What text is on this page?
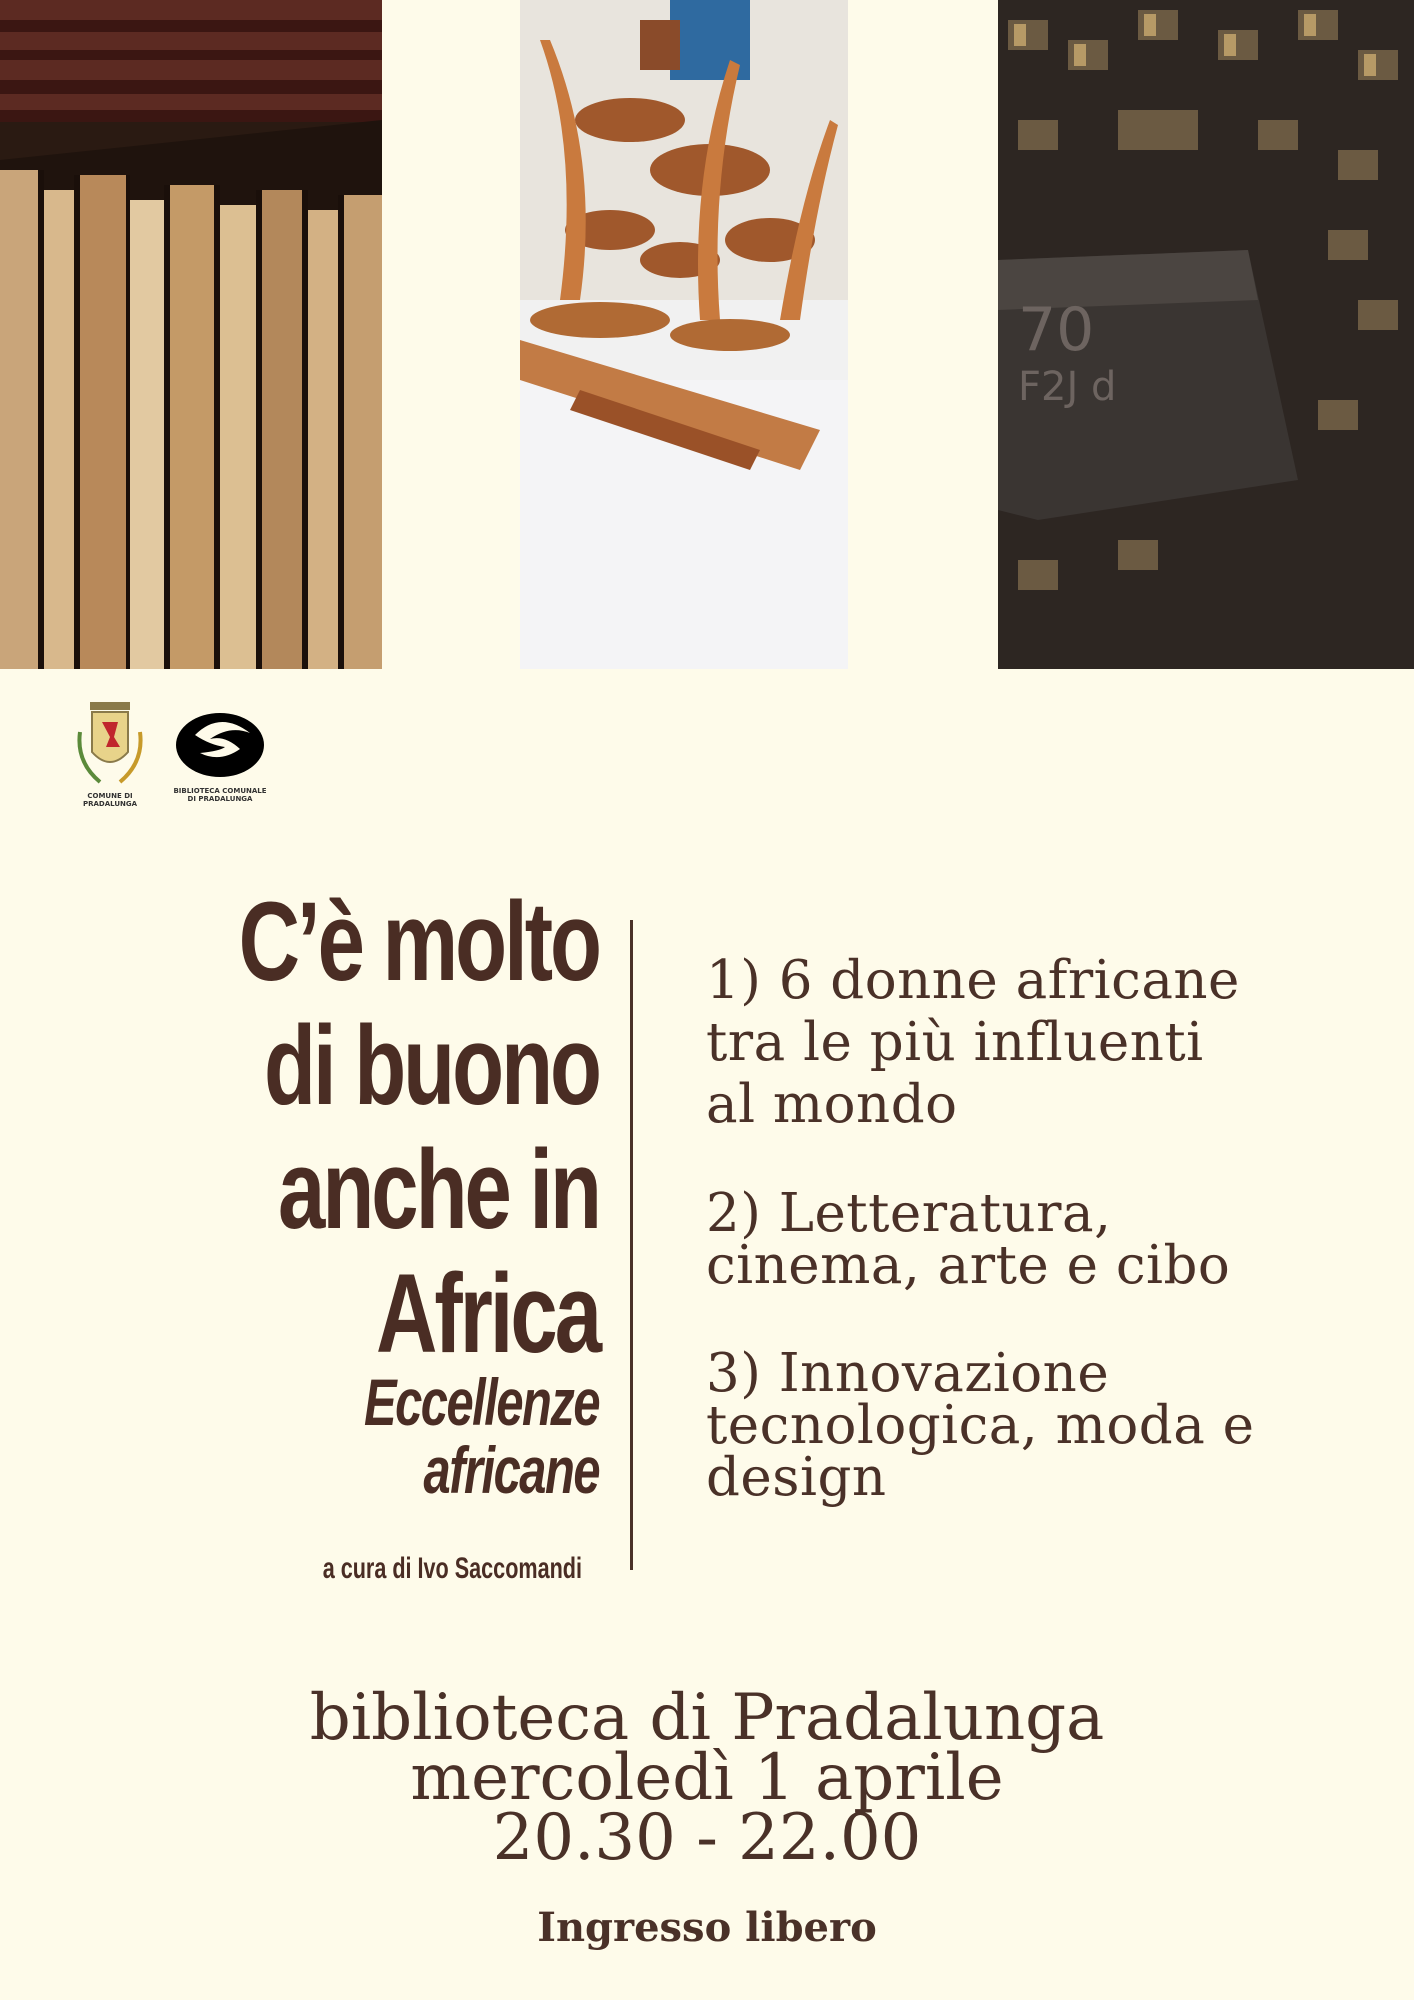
70
F2J d
COMUNE DI
PRADALUNGA
BIBLIOTECA COMUNALE
DI PRADALUNGA
C’è molto
di buono
anche in
Africa
Eccellenze
africane
a cura di Ivo Saccomandi
1) 6 donne africane
tra le più influenti
al mondo
2) Letteratura,
cinema, arte e cibo
3) Innovazione
tecnologica, moda e
design
biblioteca di Pradalunga
mercoledì 1 aprile
20.30 - 22.00
Ingresso libero
